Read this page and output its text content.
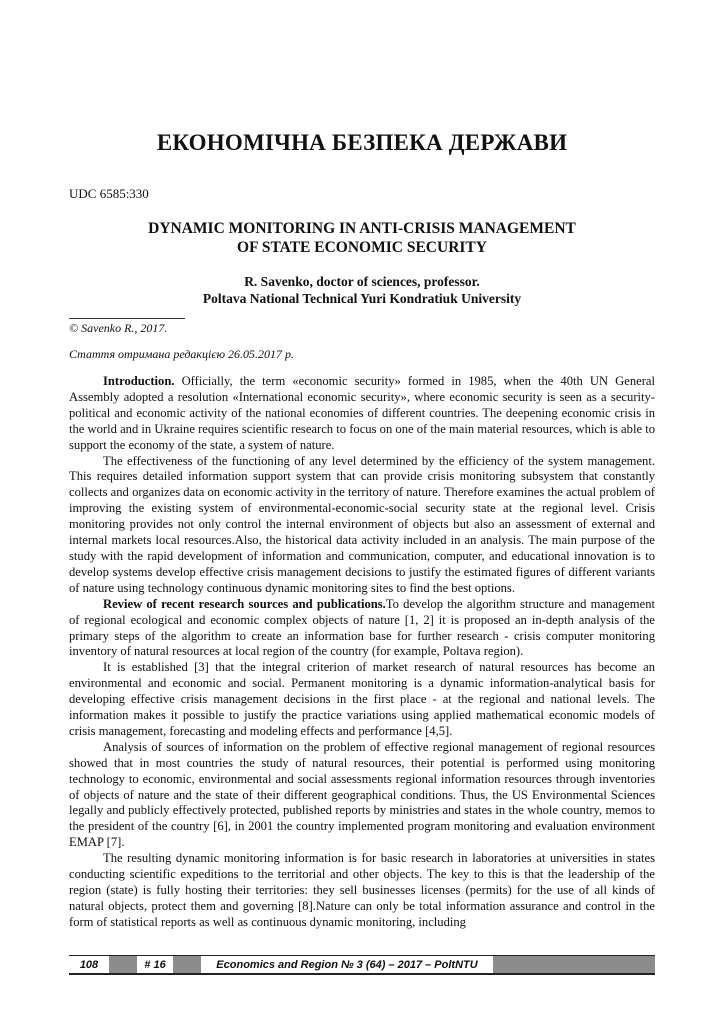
ЕКОНОМІЧНА БЕЗПЕКА ДЕРЖАВИ
UDC 6585:330
DYNAMIC MONITORING IN ANTI-CRISIS MANAGEMENT
OF STATE ECONOMIC SECURITY
R. Savenko, doctor of sciences, professor.
Poltava National Technical Yuri Kondratiuk University
© Savenko R., 2017.
Стаття отримана редакцією 26.05.2017 р.

Introduction. Officially, the term «economic security» formed in 1985, when the 40th UN General Assembly adopted a resolution «International economic security», where economic security is seen as a security-political and economic activity of the national economies of different countries. The deepening economic crisis in the world and in Ukraine requires scientific research to focus on one of the main material resources, which is able to support the economy of the state, a system of nature.

The effectiveness of the functioning of any level determined by the efficiency of the system management. This requires detailed information support system that can provide crisis monitoring subsystem that constantly collects and organizes data on economic activity in the territory of nature. Therefore examines the actual problem of improving the existing system of environmental-economic-social security state at the regional level. Crisis monitoring provides not only control the internal environment of objects but also an assessment of external and internal markets local resources.Also, the historical data activity included in an analysis. The main purpose of the study with the rapid development of information and communication, computer, and educational innovation is to develop systems develop effective crisis management decisions to justify the estimated figures of different variants of nature using technology continuous dynamic monitoring sites to find the best options.

Review of recent research sources and publications.To develop the algorithm structure and management of regional ecological and economic complex objects of nature [1, 2] it is proposed an in-depth analysis of the primary steps of the algorithm to create an information base for further research - crisis computer monitoring inventory of natural resources at local region of the country (for example, Poltava region).

It is established [3] that the integral criterion of market research of natural resources has become an environmental and economic and social. Permanent monitoring is a dynamic information-analytical basis for developing effective crisis management decisions in the first place - at the regional and national levels. The information makes it possible to justify the practice variations using applied mathematical economic models of crisis management, forecasting and modeling effects and performance [4,5].

Analysis of sources of information on the problem of effective regional management of regional resources showed that in most countries the study of natural resources, their potential is performed using monitoring technology to economic, environmental and social assessments regional information resources through inventories of objects of nature and the state of their different geographical conditions. Thus, the US Environmental Sciences legally and publicly effectively protected, published reports by ministries and states in the whole country, memos to the president of the country [6], in 2001 the country implemented program monitoring and evaluation environment EMAP [7].

The resulting dynamic monitoring information is for basic research in laboratories at universities in states conducting scientific expeditions to the territorial and other objects. The key to this is that the leadership of the region (state) is fully hosting their territories: they sell businesses licenses (permits) for the use of all kinds of natural objects, protect them and governing [8].Nature can only be total information assurance and control in the form of statistical reports as well as continuous dynamic monitoring, including

108	# 16	Economics and Region № 3 (64) – 2017 – PoltNTU
